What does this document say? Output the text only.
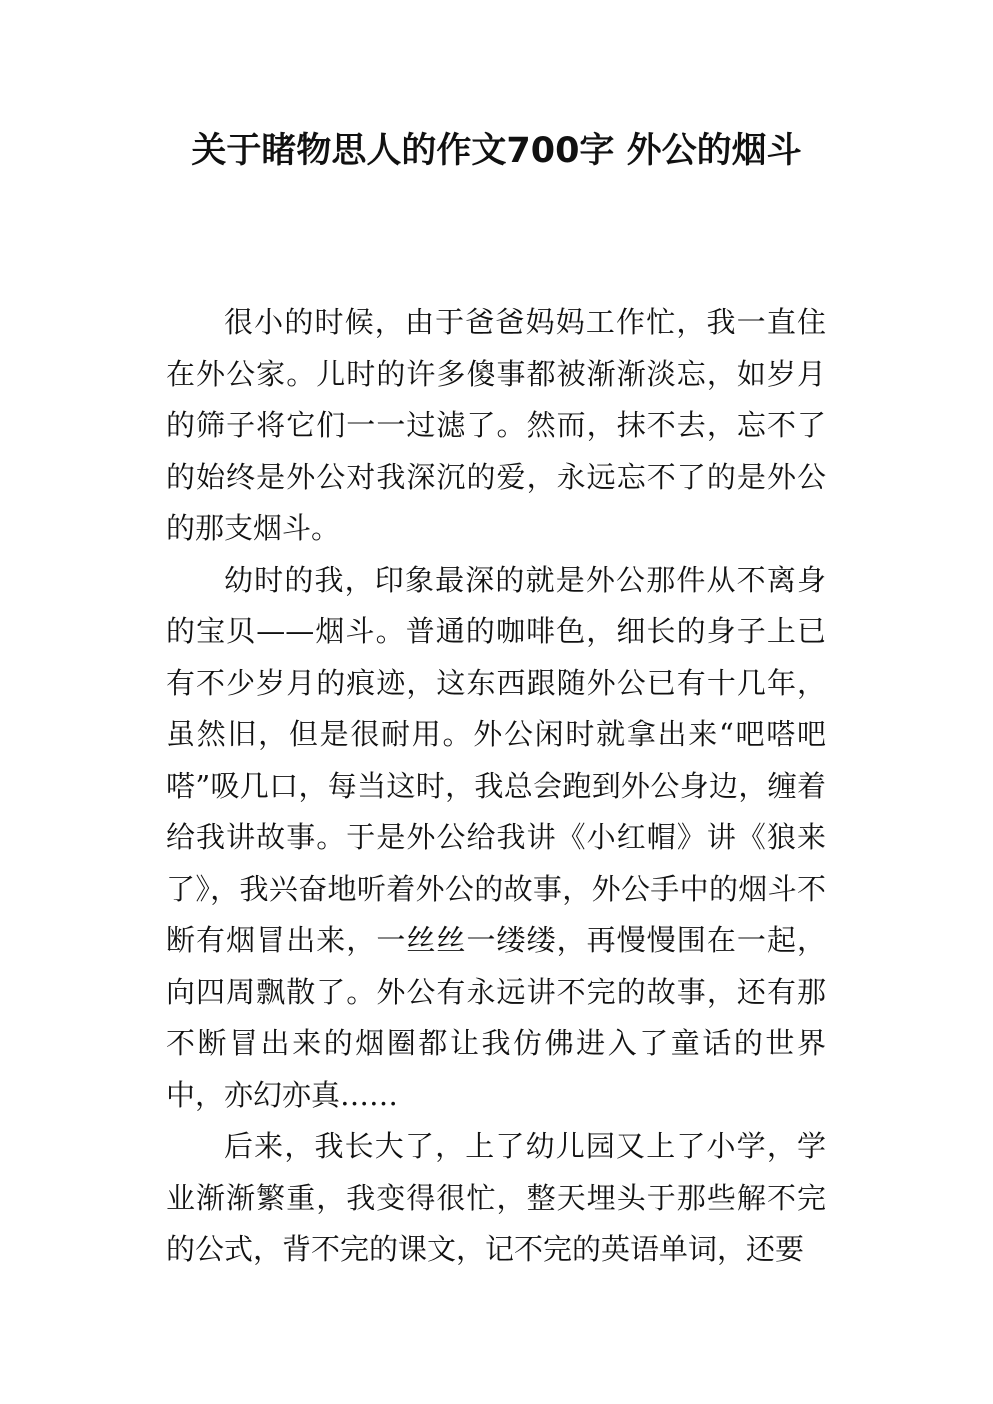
关于睹物思人的作文700字 外公的烟斗

很小的时候，由于爸爸妈妈工作忙，我一直住在外公家。儿时的许多傻事都被渐渐淡忘，如岁月的筛子将它们一一过滤了。然而，抹不去，忘不了的始终是外公对我深沉的爱，永远忘不了的是外公的那支烟斗。

幼时的我，印象最深的就是外公那件从不离身的宝贝——烟斗。普通的咖啡色，细长的身子上已有不少岁月的痕迹，这东西跟随外公已有十几年，虽然旧，但是很耐用。外公闲时就拿出来“吧嗒吧嗒”吸几口，每当这时，我总会跑到外公身边，缠着给我讲故事。于是外公给我讲《小红帽》讲《狼来了》，我兴奋地听着外公的故事，外公手中的烟斗不断有烟冒出来，一丝丝一缕缕，再慢慢围在一起，向四周飘散了。外公有永远讲不完的故事，还有那不断冒出来的烟圈都让我仿佛进入了童话的世界中，亦幻亦真……

后来，我长大了，上了幼儿园又上了小学，学业渐渐繁重，我变得很忙，整天埋头于那些解不完的公式，背不完的课文，记不完的英语单词，还要
